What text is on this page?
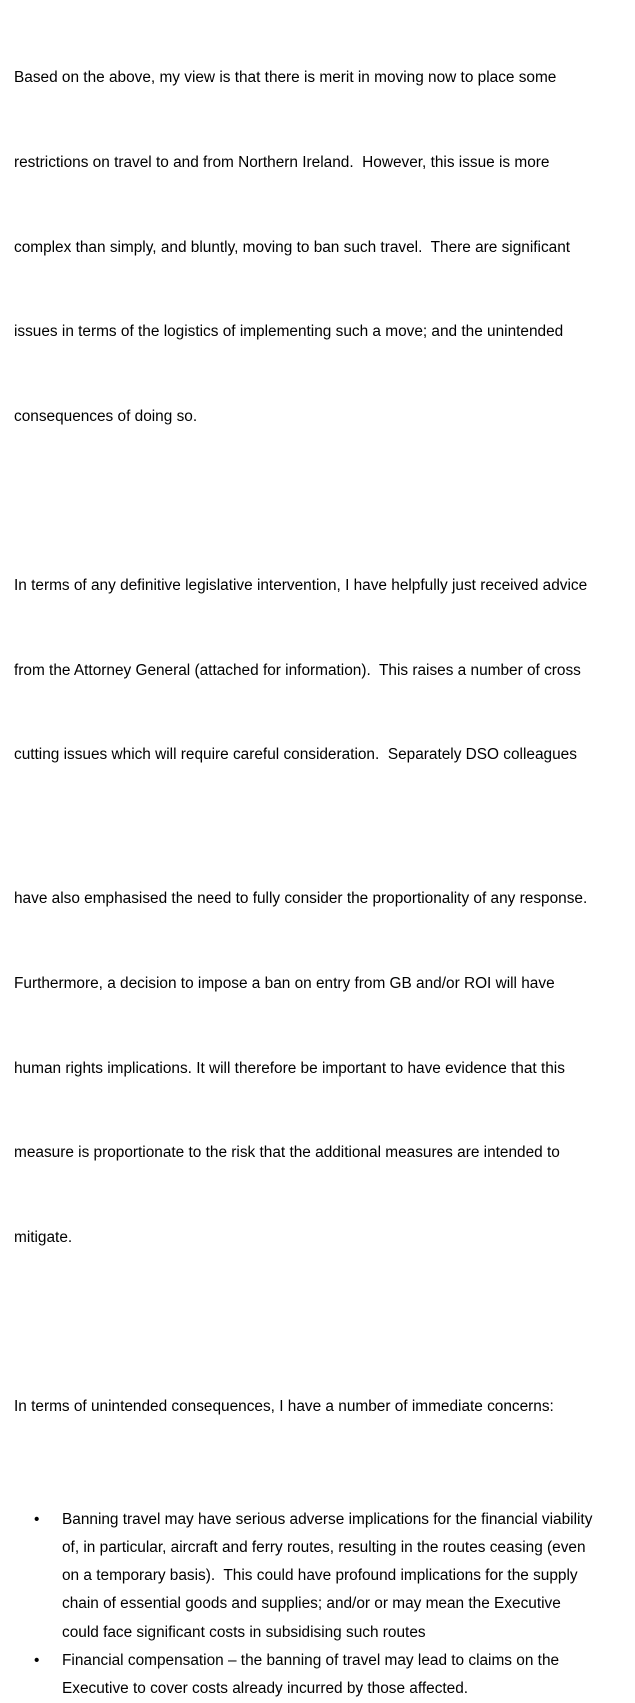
Based on the above, my view is that there is merit in moving now to place some

restrictions on travel to and from Northern Ireland.  However, this issue is more

complex than simply, and bluntly, moving to ban such travel.  There are significant

issues in terms of the logistics of implementing such a move; and the unintended

consequences of doing so.

In terms of any definitive legislative intervention, I have helpfully just received advice

from the Attorney General (attached for information).  This raises a number of cross

cutting issues which will require careful consideration.  Separately DSO colleagues

have also emphasised the need to fully consider the proportionality of any response.

Furthermore, a decision to impose a ban on entry from GB and/or ROI will have

human rights implications. It will therefore be important to have evidence that this

measure is proportionate to the risk that the additional measures are intended to

mitigate.

In terms of unintended consequences, I have a number of immediate concerns:

• Banning travel may have serious adverse implications for the financial viability
of, in particular, aircraft and ferry routes, resulting in the routes ceasing (even
on a temporary basis).  This could have profound implications for the supply
chain of essential goods and supplies; and/or or may mean the Executive
could face significant costs in subsidising such routes
• Financial compensation – the banning of travel may lead to claims on the
Executive to cover costs already incurred by those affected.
